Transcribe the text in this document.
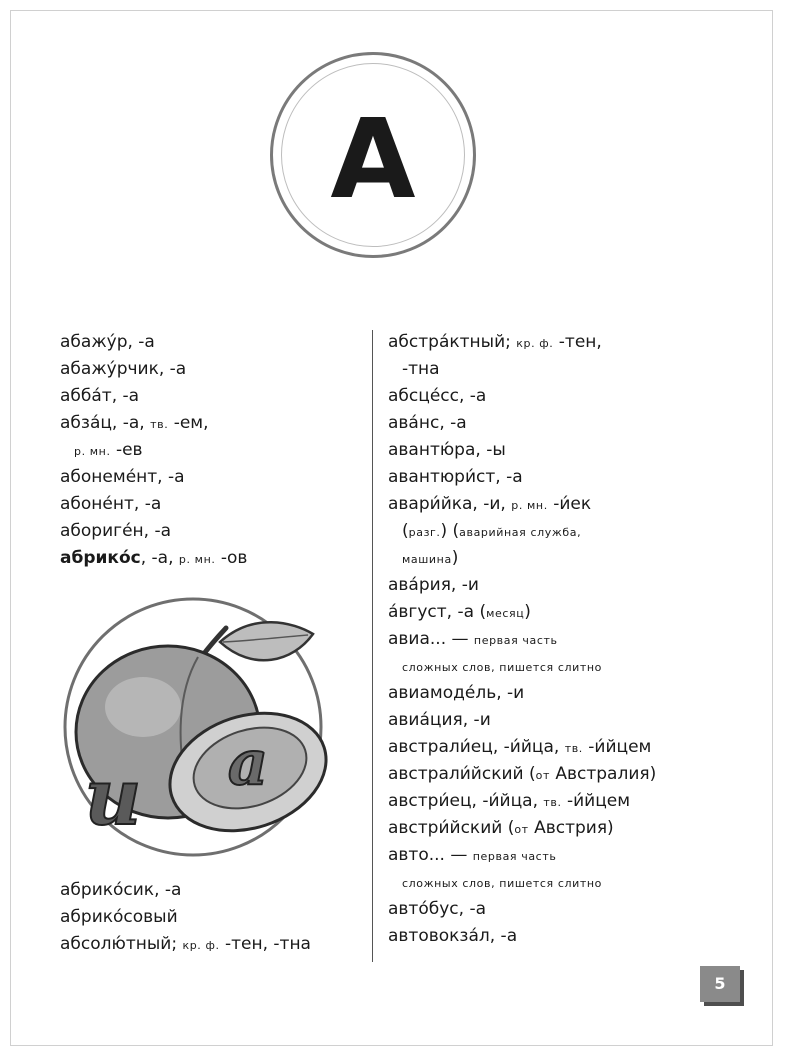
А
абажу́р, -а
абажу́рчик, -а
абба́т, -а
абза́ц, -а, тв. -ем,
р. мн. -ев
абонеме́нт, -а
абоне́нт, -а
абориге́н, -а
абрико́с, -а, р. мн. -ов
а
и
абрико́сик, -а
абрико́совый
абсолю́тный; кр. ф. -тен, -тна
абстра́ктный; кр. ф. -тен,
-тна
абсце́сс, -а
ава́нс, -а
авантю́ра, -ы
авантюри́ст, -а
авари́йка, -и, р. мн. -и́ек
(разг.) (аварийная служба,
машина)
ава́рия, -и
а́вгуст, -а (месяц)
авиа... — первая часть
сложных слов, пишется слитно
авиамоде́ль, -и
авиа́ция, -и
австрали́ец, -и́йца, тв. -и́йцем
австрали́йский (от Австралия)
австри́ец, -и́йца, тв. -и́йцем
австри́йский (от Австрия)
авто... — первая часть
сложных слов, пишется слитно
авто́бус, -а
автовокза́л, -а
5
